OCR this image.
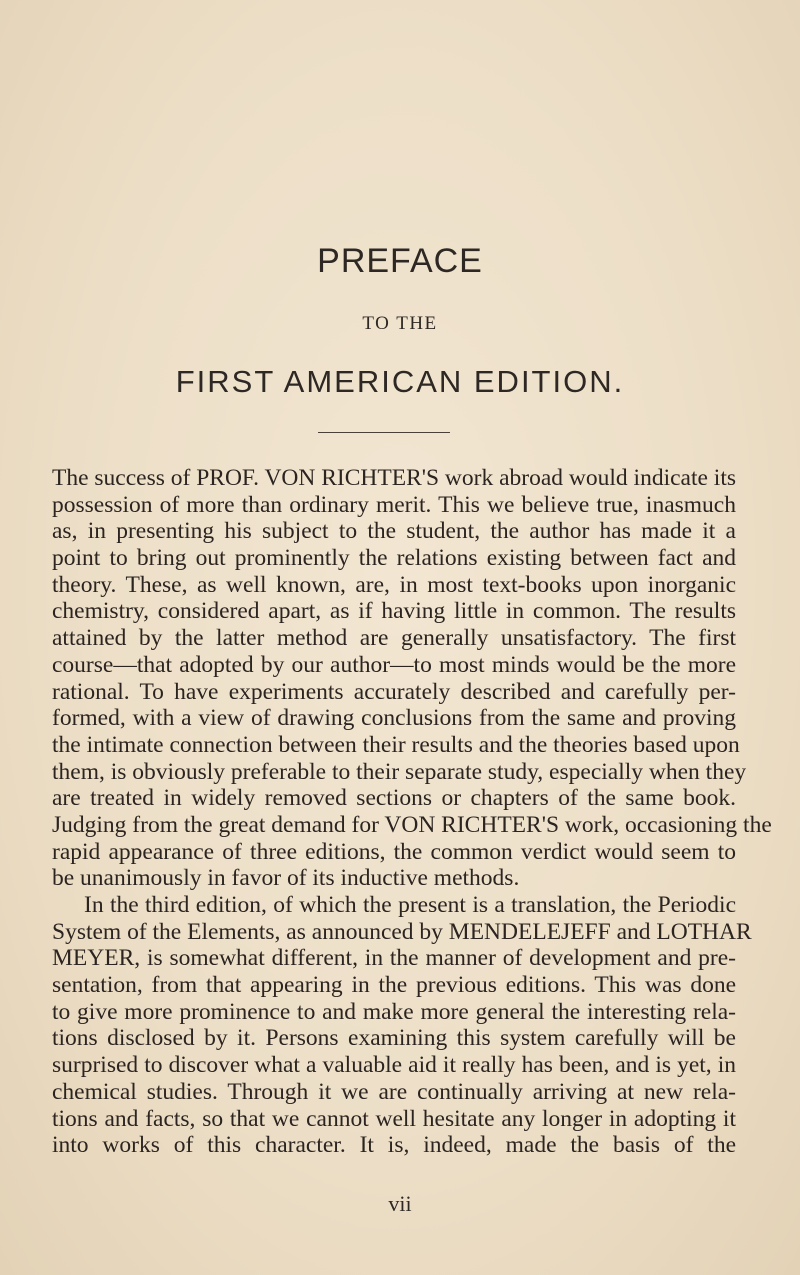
PREFACE
TO THE
FIRST AMERICAN EDITION.
The success of PROF. VON RICHTER'S work abroad would indicate its
possession of more than ordinary merit. This we believe true, inasmuch
as, in presenting his subject to the student, the author has made it a
point to bring out prominently the relations existing between fact and
theory. These, as well known, are, in most text-books upon inorganic
chemistry, considered apart, as if having little in common. The results
attained by the latter method are generally unsatisfactory. The first
course—that adopted by our author—to most minds would be the more
rational. To have experiments accurately described and carefully per-
formed, with a view of drawing conclusions from the same and proving
the intimate connection between their results and the theories based upon
them, is obviously preferable to their separate study, especially when they
are treated in widely removed sections or chapters of the same book.
Judging from the great demand for VON RICHTER'S work, occasioning the
rapid appearance of three editions, the common verdict would seem to
be unanimously in favor of its inductive methods.
In the third edition, of which the present is a translation, the Periodic
System of the Elements, as announced by MENDELEJEFF and LOTHAR
MEYER, is somewhat different, in the manner of development and pre-
sentation, from that appearing in the previous editions. This was done
to give more prominence to and make more general the interesting rela-
tions disclosed by it. Persons examining this system carefully will be
surprised to discover what a valuable aid it really has been, and is yet, in
chemical studies. Through it we are continually arriving at new rela-
tions and facts, so that we cannot well hesitate any longer in adopting it
into works of this character. It is, indeed, made the basis of the
vii
